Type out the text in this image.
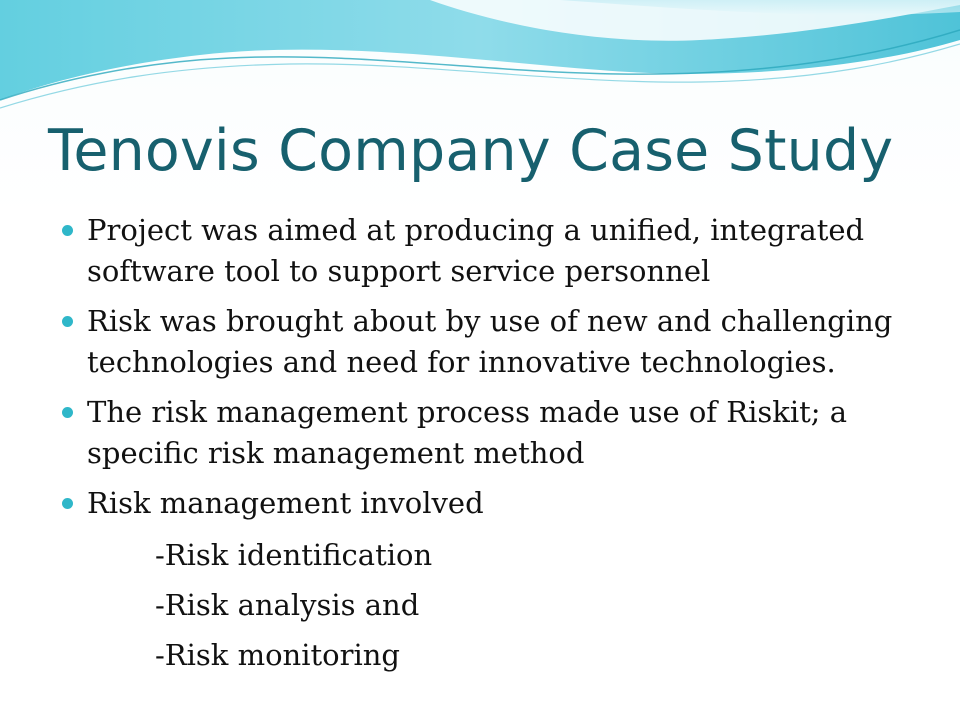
Tenovis Company Case Study
Project was aimed at producing a unified, integrated software tool to support service personnel
Risk was brought about by use of new and challenging technologies and need for innovative technologies.
The risk management process made use of Riskit; a specific risk management method
Risk management involved
-Risk identification
-Risk analysis and
-Risk monitoring
